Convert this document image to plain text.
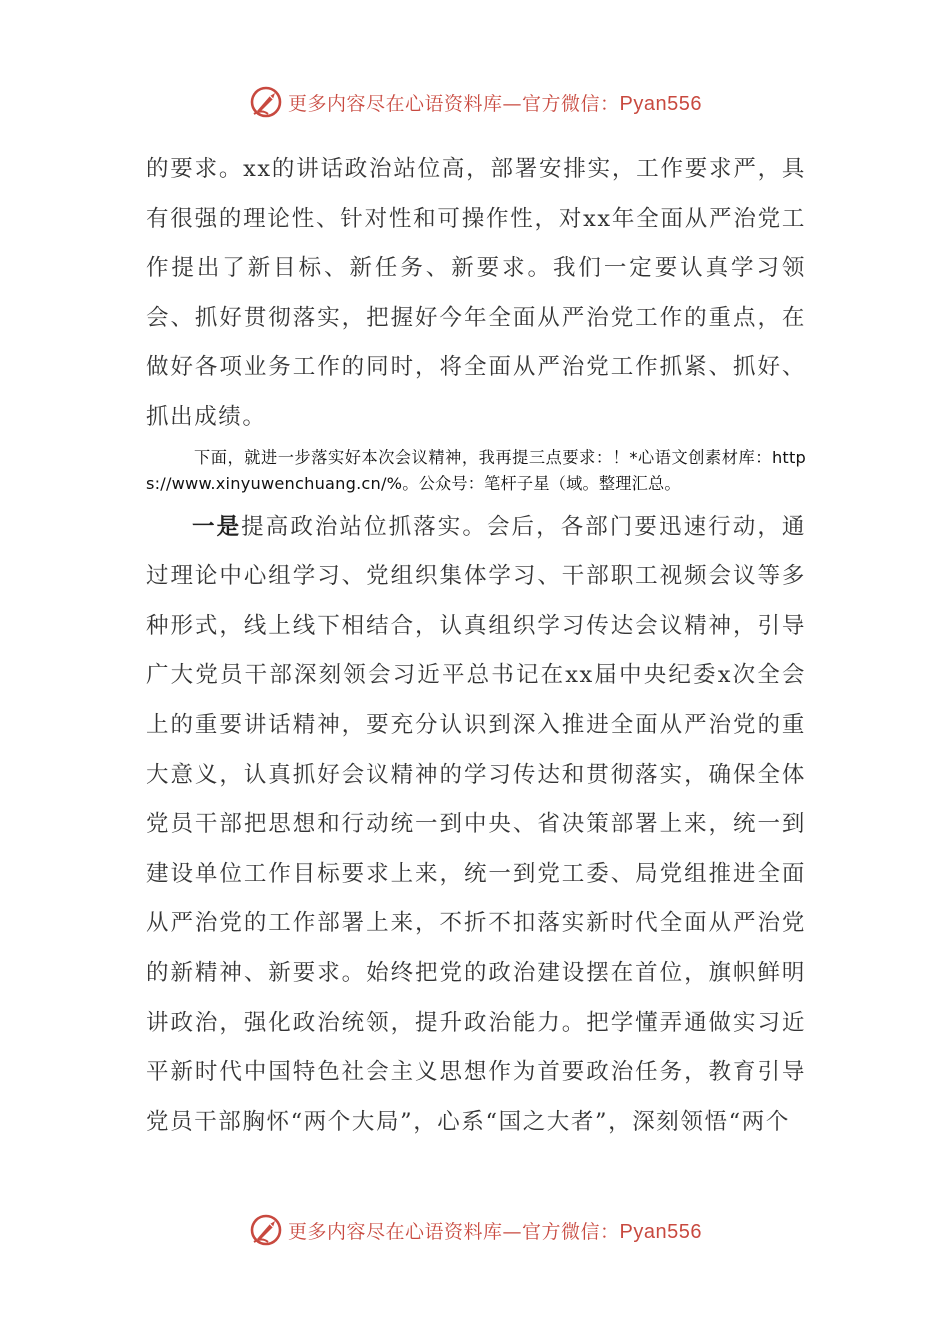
更多内容尽在心语资料库—官方微信：Pyan556

的要求。xx的讲话政治站位高，部署安排实，工作要求严，具有很强的理论性、针对性和可操作性，对xx年全面从严治党工作提出了新目标、新任务、新要求。我们一定要认真学习领会、抓好贯彻落实，把握好今年全面从严治党工作的重点，在做好各项业务工作的同时，将全面从严治党工作抓紧、抓好、抓出成绩。

下面，就进一步落实好本次会议精神，我再提三点要求：！*心语文创素材库：https://www.xinyuwenchuang.cn/%。公众号：笔杆子星（域。整理汇总。

一是提高政治站位抓落实。会后，各部门要迅速行动，通过理论中心组学习、党组织集体学习、干部职工视频会议等多种形式，线上线下相结合，认真组织学习传达会议精神，引导广大党员干部深刻领会习近平总书记在xx届中央纪委x次全会上的重要讲话精神，要充分认识到深入推进全面从严治党的重大意义，认真抓好会议精神的学习传达和贯彻落实，确保全体党员干部把思想和行动统一到中央、省决策部署上来，统一到建设单位工作目标要求上来，统一到党工委、局党组推进全面从严治党的工作部署上来，不折不扣落实新时代全面从严治党的新精神、新要求。始终把党的政治建设摆在首位，旗帜鲜明讲政治，强化政治统领，提升政治能力。把学懂弄通做实习近平新时代中国特色社会主义思想作为首要政治任务，教育引导党员干部胸怀“两个大局”，心系“国之大者”，深刻领悟“两个

更多内容尽在心语资料库—官方微信：Pyan556
